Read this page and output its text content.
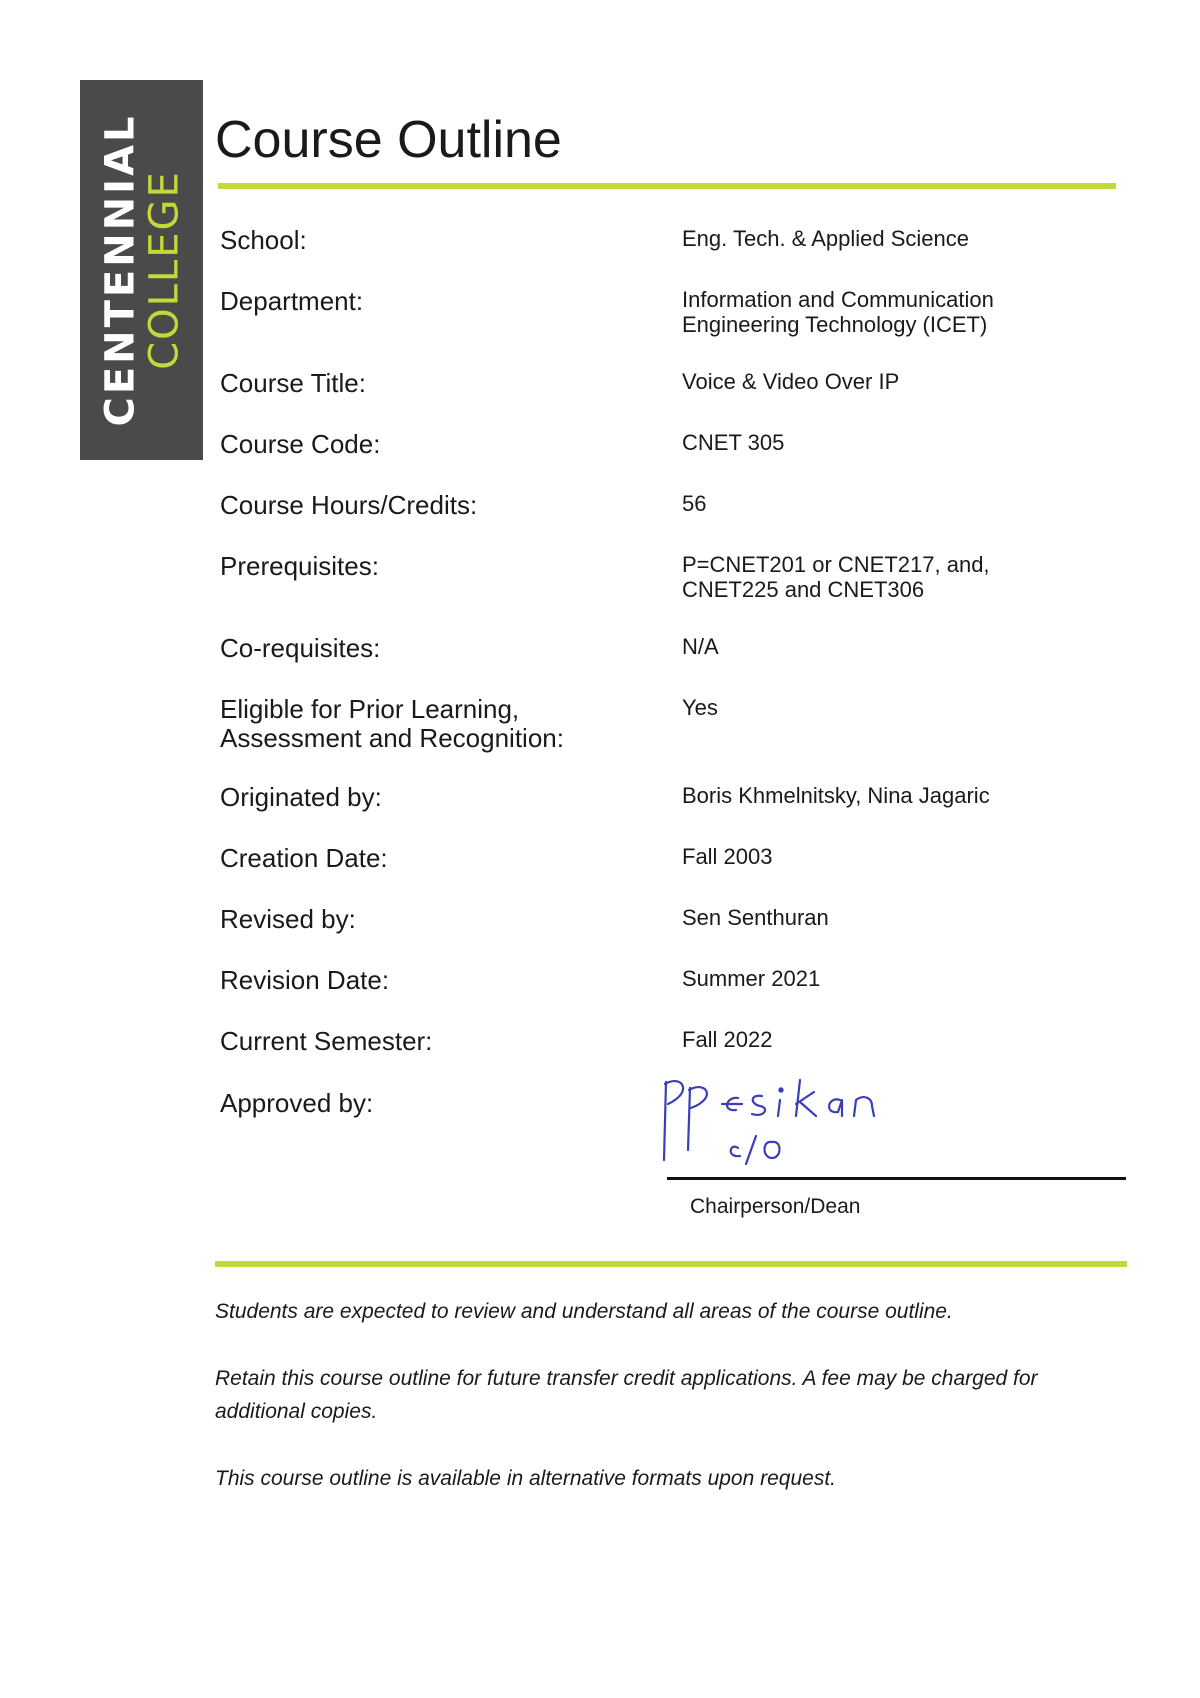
CENTENNIAL
COLLEGE
Course Outline
School:	Eng. Tech. & Applied Science
Department:	Information and Communication
Engineering Technology (ICET)
Course Title:	Voice & Video Over IP
Course Code:	CNET 305
Course Hours/Credits:	56
Prerequisites:	P=CNET201 or CNET217, and,
CNET225 and CNET306
Co-requisites:	N/A
Eligible for Prior Learning,
Assessment and Recognition:
Yes
Originated by:	Boris Khmelnitsky, Nina Jagaric
Creation Date:	Fall 2003
Revised by:	Sen Senthuran
Revision Date:	Summer 2021
Current Semester:	Fall 2022
Approved by:
Chairperson/Dean
Students are expected to review and understand all areas of the course outline.
Retain this course outline for future transfer credit applications. A fee may be charged for additional copies.
This course outline is available in alternative formats upon request.
